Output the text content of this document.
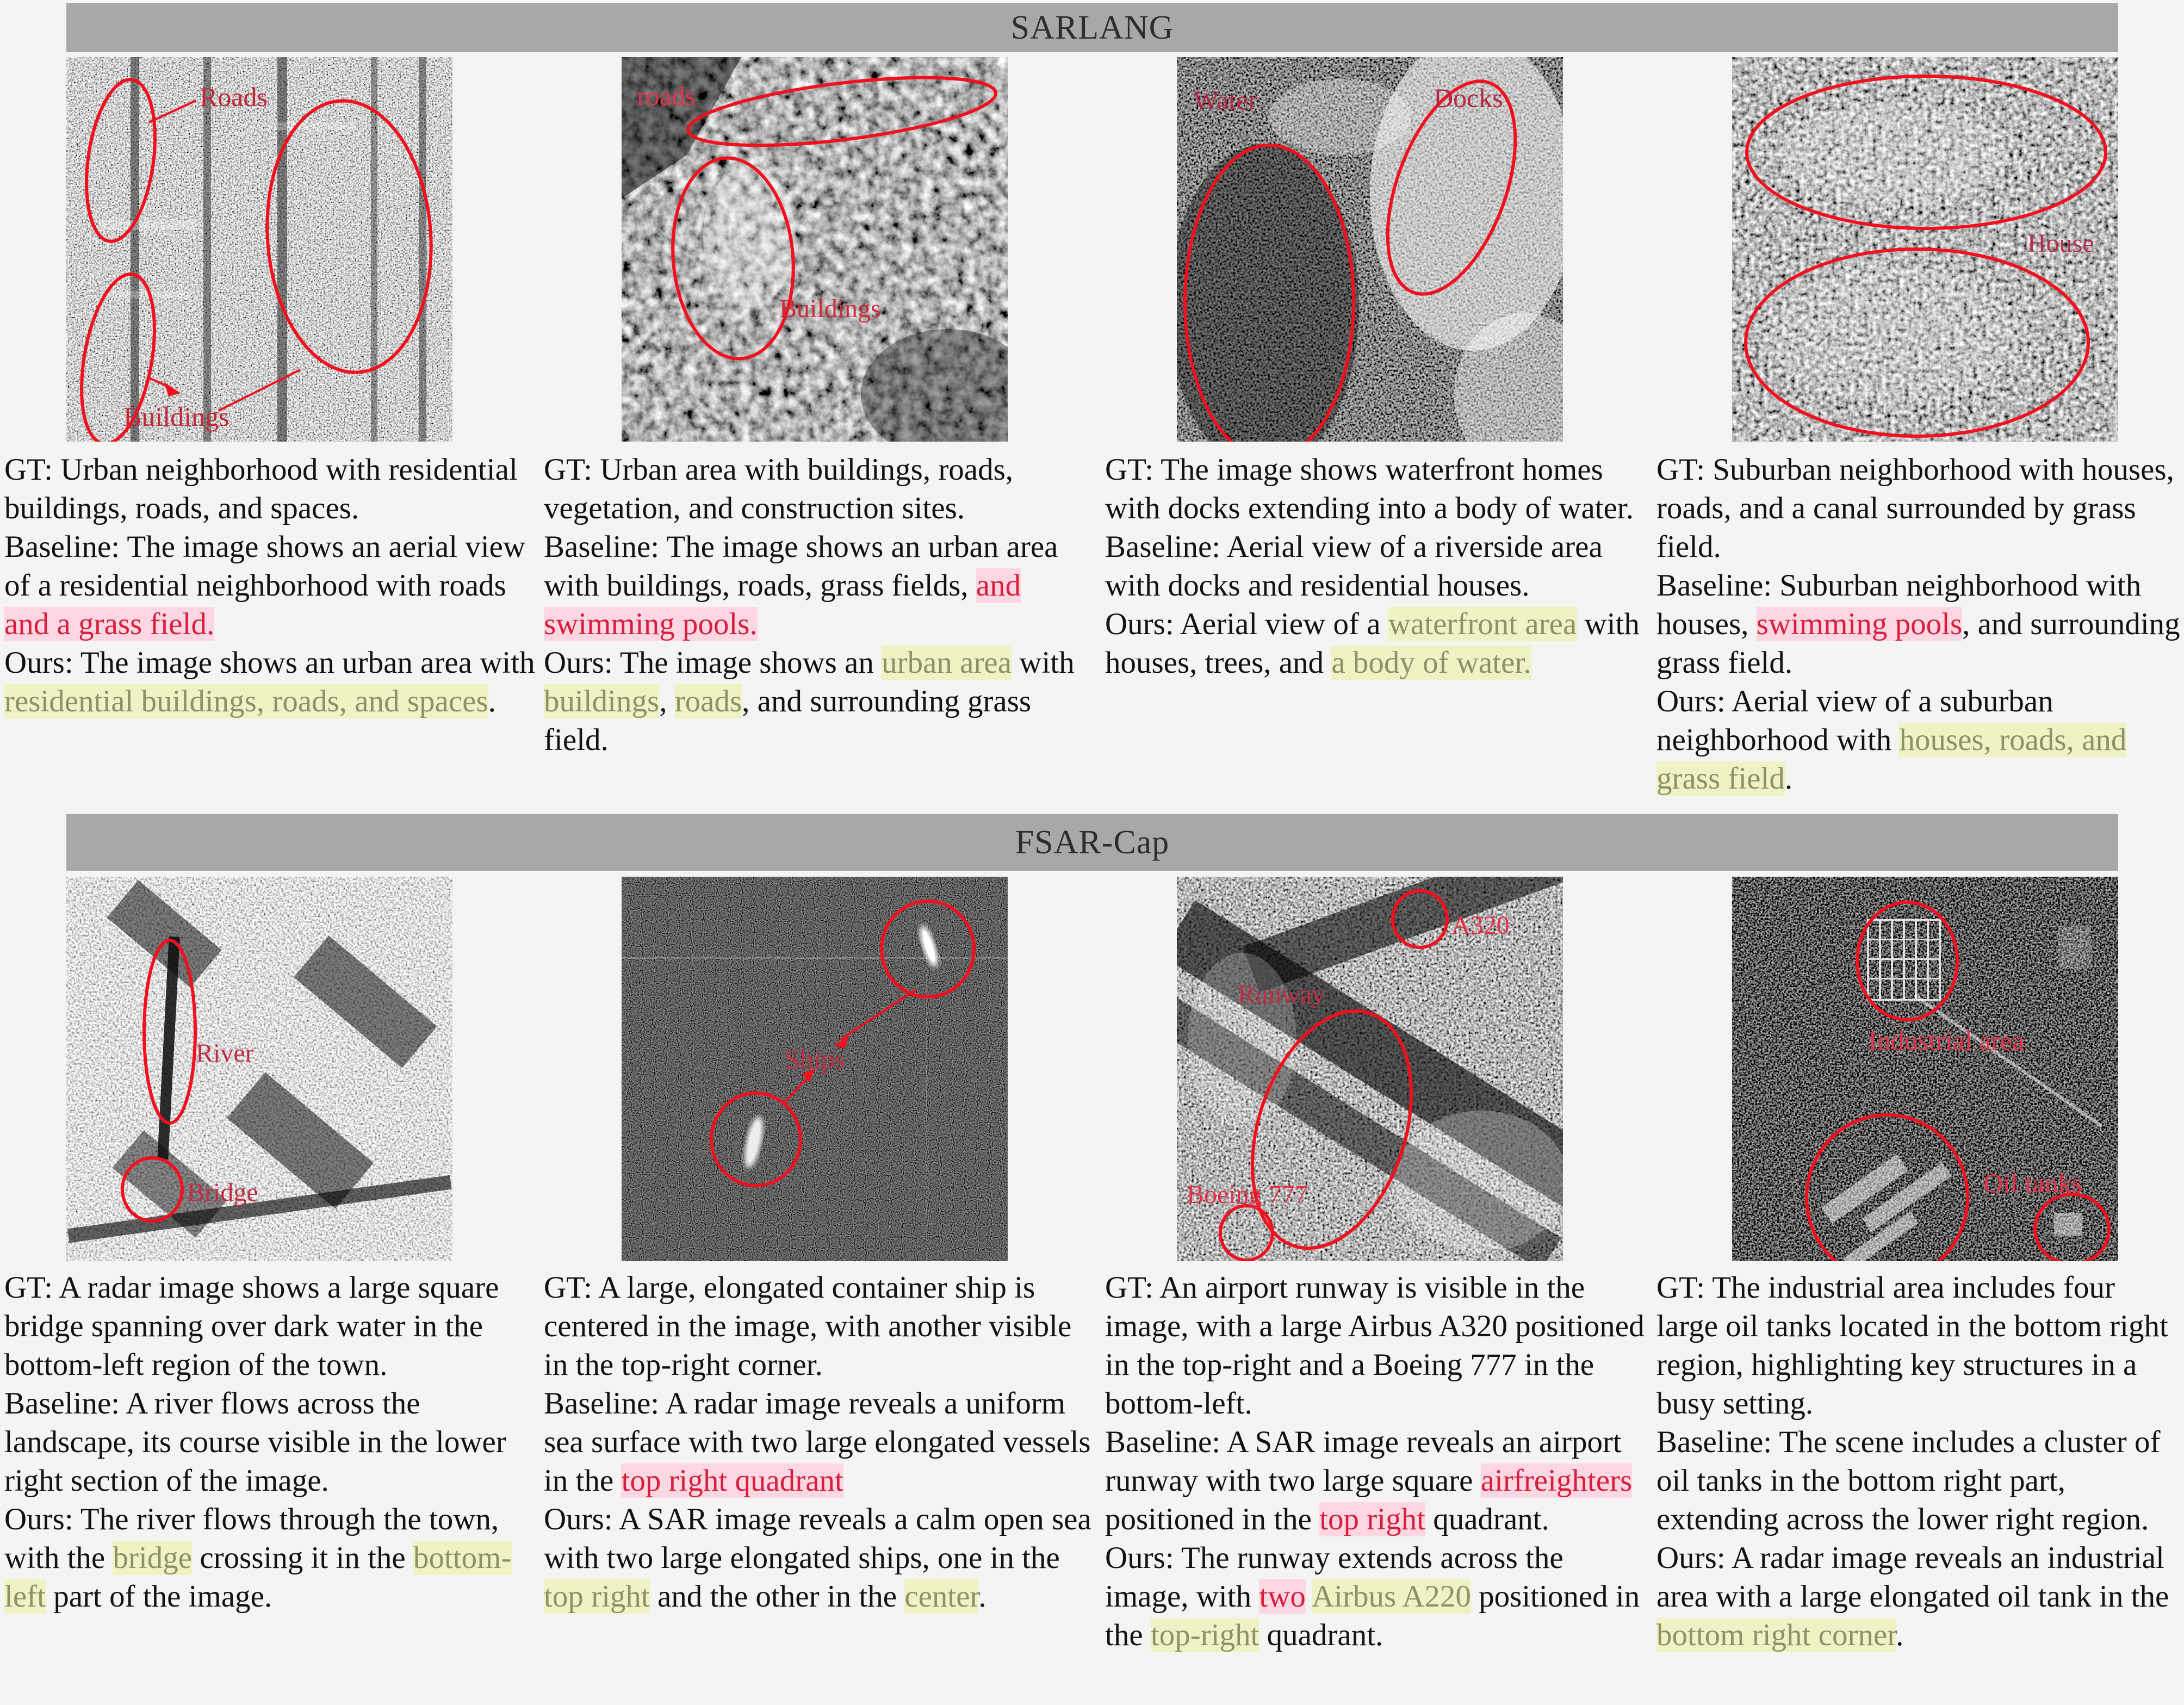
SARLANG
FSAR-Cap
Roads
Buildings
roads
Buildings
Water	Docks
House

GT: Urban neighborhood with residential buildings, roads, and spaces.

Baseline: The image shows an aerial view of a residential neighborhood with roads and a grass field.

Ours: The image shows an urban area with residential buildings, roads, and spaces.

GT: Urban area with buildings, roads, vegetation, and construction sites.

Baseline: The image shows an urban area with buildings, roads, grass fields, and swimming pools.

Ours: The image shows an urban area with buildings, roads, and surrounding grass field.

GT: The image shows waterfront homes with docks extending into a body of water.

Baseline: Aerial view of a riverside area with docks and residential houses.

Ours: Aerial view of a waterfront area with houses, trees, and a body of water.

GT: Suburban neighborhood with houses, roads, and a canal surrounded by grass field.

Baseline: Suburban neighborhood with houses, swimming pools, and surrounding grass field.

Ours: Aerial view of a suburban neighborhood with houses, roads, and grass field.

River
Bridge
Ships
A320
Runway
Boeing 777
Industrial area
Oil tanks

GT: A radar image shows a large square bridge spanning over dark water in the bottom-left region of the town.

Baseline: A river flows across the landscape, its course visible in the lower right section of the image.

Ours: The river flows through the town, with the bridge crossing it in the bottom-left part of the image.

GT: A large, elongated container ship is centered in the image, with another visible in the top-right corner.

Baseline: A radar image reveals a uniform sea surface with two large elongated vessels in the top right quadrant

Ours: A SAR image reveals a calm open sea with two large elongated ships, one in the top right and the other in the center.

GT: An airport runway is visible in the image, with a large Airbus A320 positioned in the top-right and a Boeing 777 in the bottom-left.

Baseline: A SAR image reveals an airport runway with two large square airfreighters positioned in the top right quadrant.

Ours: The runway extends across the image, with two Airbus A220 positioned in the top-right quadrant.

GT: The industrial area includes four large oil tanks located in the bottom right region, highlighting key structures in a busy setting.

Baseline: The scene includes a cluster of oil tanks in the bottom right part, extending across the lower right region.

Ours: A radar image reveals an industrial area with a large elongated oil tank in the bottom right corner.
